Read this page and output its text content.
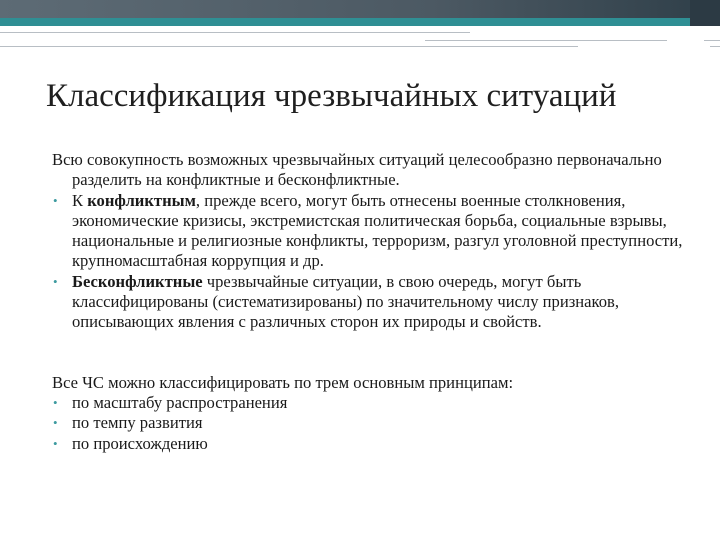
Классификация чрезвычайных ситуаций

Всю совокупность возможных чрезвычайных ситуаций целесообразно первоначально разделить на конфликтные и бесконфликтные.

• К конфликтным, прежде всего, могут быть отнесены военные столкновения, экономические кризисы, экстремистская политическая борьба, социальные взрывы, национальные и религиозные конфликты, терроризм, разгул уголовной преступности, крупномасштабная коррупция и др.
• Бесконфликтные чрезвычайные ситуации, в свою очередь, могут быть классифицированы (систематизированы) по значительному числу признаков, описывающих явления с различных сторон их природы и свойств.

Все ЧС можно классифицировать по трем основным принципам:

• по масштабу распространения
• по темпу развития
• по происхождению
